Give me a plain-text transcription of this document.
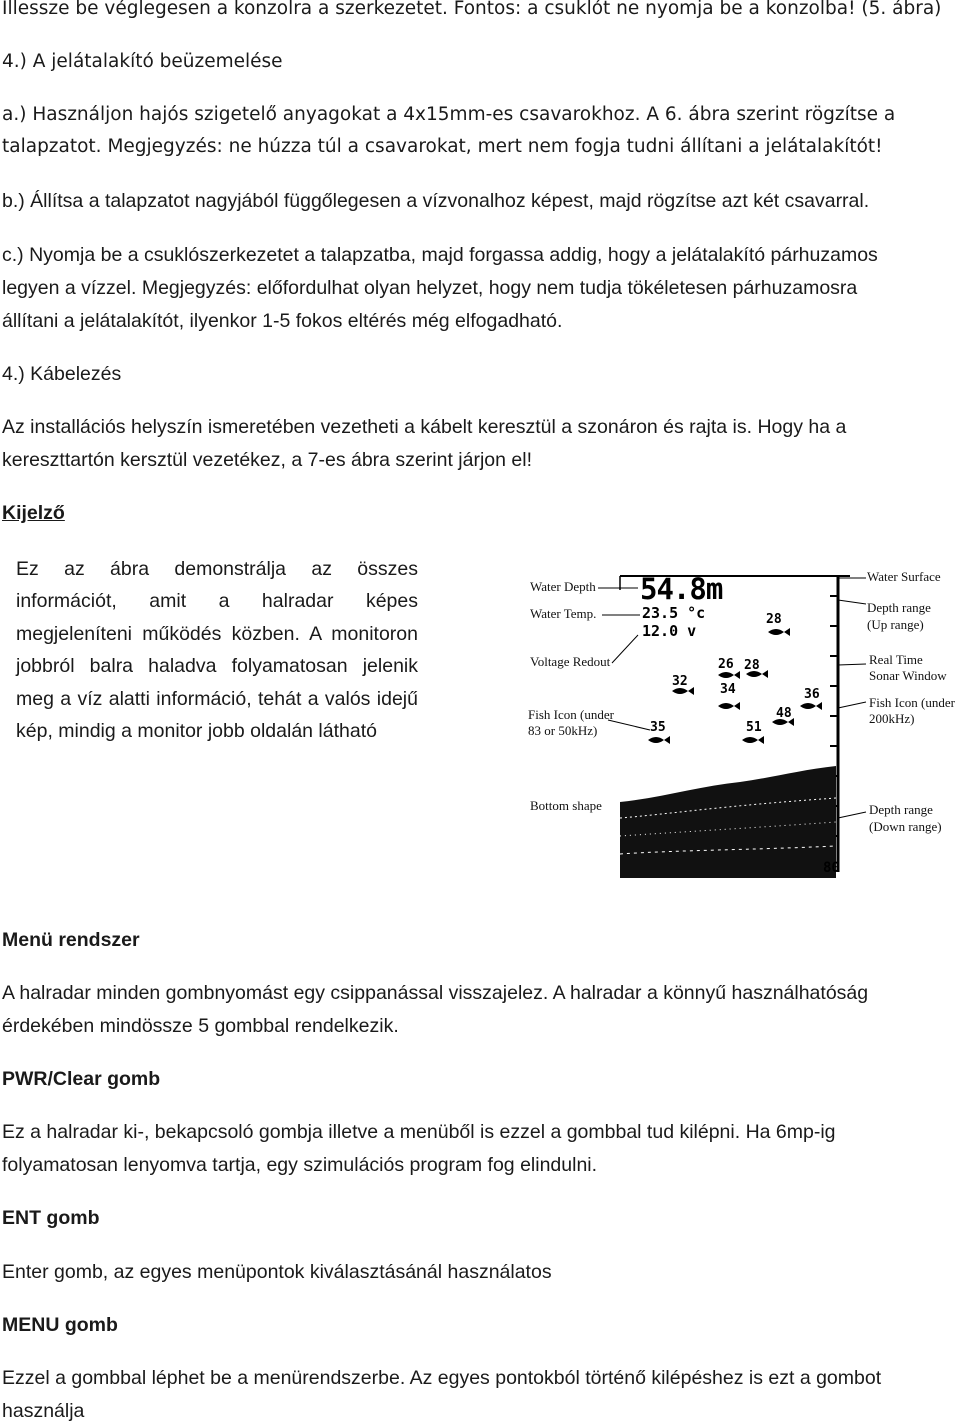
Illessze be véglegesen a konzolra a szerkezetet. Fontos: a csuklót ne nyomja be a konzolba! (5. ábra)

4.) A jelátalakító beüzemelése

a.) Használjon hajós szigetelő anyagokat a 4x15mm-es csavarokhoz. A 6. ábra szerint rögzítse a

talapzatot. Megjegyzés: ne húzza túl a csavarokat, mert nem fogja tudni állítani a jelátalakítót!

b.) Állítsa a talapzatot nagyjából függőlegesen a vízvonalhoz képest, majd rögzítse azt két csavarral.

c.) Nyomja be a csuklószerkezetet a talapzatba, majd forgassa addig, hogy a jelátalakító párhuzamos

legyen a vízzel. Megjegyzés: előfordulhat olyan helyzet, hogy nem tudja tökéletesen párhuzamosra

állítani a jelátalakítót, ilyenkor 1-5 fokos eltérés még elfogadható.

4.) Kábelezés

Az installációs helyszín ismeretében vezetheti a kábelt keresztül a szonáron és rajta is. Hogy ha a

kereszttartón kersztül vezetékez, a 7-es ábra szerint járjon el!

Kijelző

Ez az ábra demonstrálja az összes információt, amit a halradar képes megjeleníteni működés közben. A monitoron jobbról balra haladva folyamatosan jelenik meg a víz alatti információ, tehát a valós idejű kép, mindig a monitor jobb oldalán látható

54.8m
23.5 °c
12.0 v
80
28
26 28
32
34	36
48
35	51
Water Depth
Water Temp.
Voltage Redout
Fish Icon (under
83 or 50kHz)
Bottom shape
Water Surface
Depth range
(Up range)
Real Time
Sonar Window
Fish Icon (under
200kHz)
Depth range
(Down range)

Menü rendszer

A halradar minden gombnyomást egy csippanással visszajelez. A halradar a könnyű használhatóság

érdekében mindössze 5 gombbal rendelkezik.

PWR/Clear gomb

Ez a halradar ki-, bekapcsoló gombja illetve a menüből is ezzel a gombbal tud kilépni. Ha 6mp-ig

folyamatosan lenyomva tartja, egy szimulációs program fog elindulni.

ENT gomb

Enter gomb, az egyes menüpontok kiválasztásánál használatos

MENU gomb

Ezzel a gombbal léphet be a menürendszerbe. Az egyes pontokból történő kilépéshez is ezt a gombot

használja
